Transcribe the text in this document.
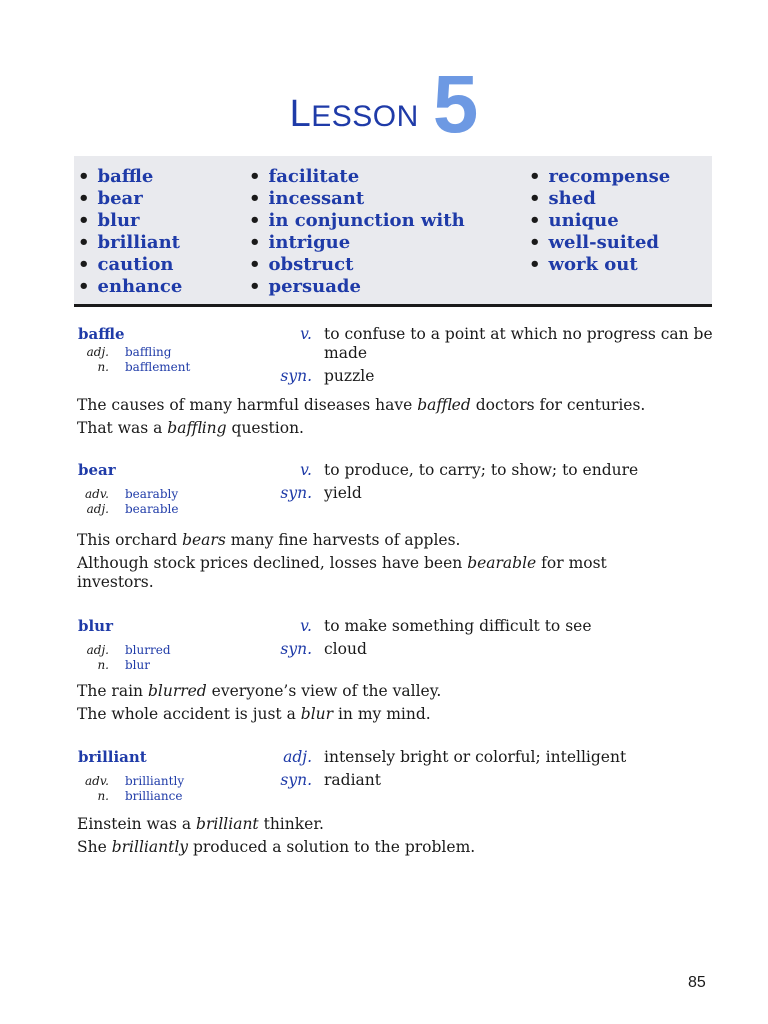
LESSON 5
• baffle
• bear
• blur
• brilliant
• caution
• enhance
• facilitate
• incessant
• in conjunction with
• intrigue
• obstruct
• persuade
• recompense
• shed
• unique
• well-suited
• work out
baffle
adj. baffling
n. bafflement
v. to confuse to a point at which no progress can be made
syn. puzzle

The causes of many harmful diseases have baffled doctors for centuries.

That was a baffling question.

bear
adv. bearably
adj. bearable
v. to produce, to carry; to show; to endure
syn. yield

This orchard bears many fine harvests of apples.

Although stock prices declined, losses have been bearable for most investors.

blur
adj. blurred
n. blur
v. to make something difficult to see
syn. cloud

The rain blurred everyone’s view of the valley.

The whole accident is just a blur in my mind.

brilliant
adv. brilliantly
n. brilliance
adj. intensely bright or colorful; intelligent
syn. radiant

Einstein was a brilliant thinker.

She brilliantly produced a solution to the problem.

85
